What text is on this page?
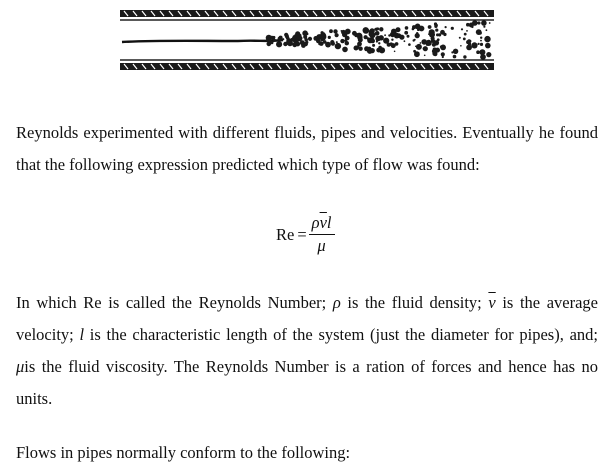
Reynolds experimented with different fluids, pipes and velocities. Eventually he found that the following expression predicted which type of flow was found:

$Re = \frac{\rho\overline{v}l}{\mu}$

In which Re is called the Reynolds Number; ρ is the fluid density; $\overline{v}$ is the average velocity; l is the characteristic length of the system (just the diameter for pipes), and; μis the fluid viscosity. The Reynolds Number is a ration of forces and hence has no units.

Flows in pipes normally conform to the following:
